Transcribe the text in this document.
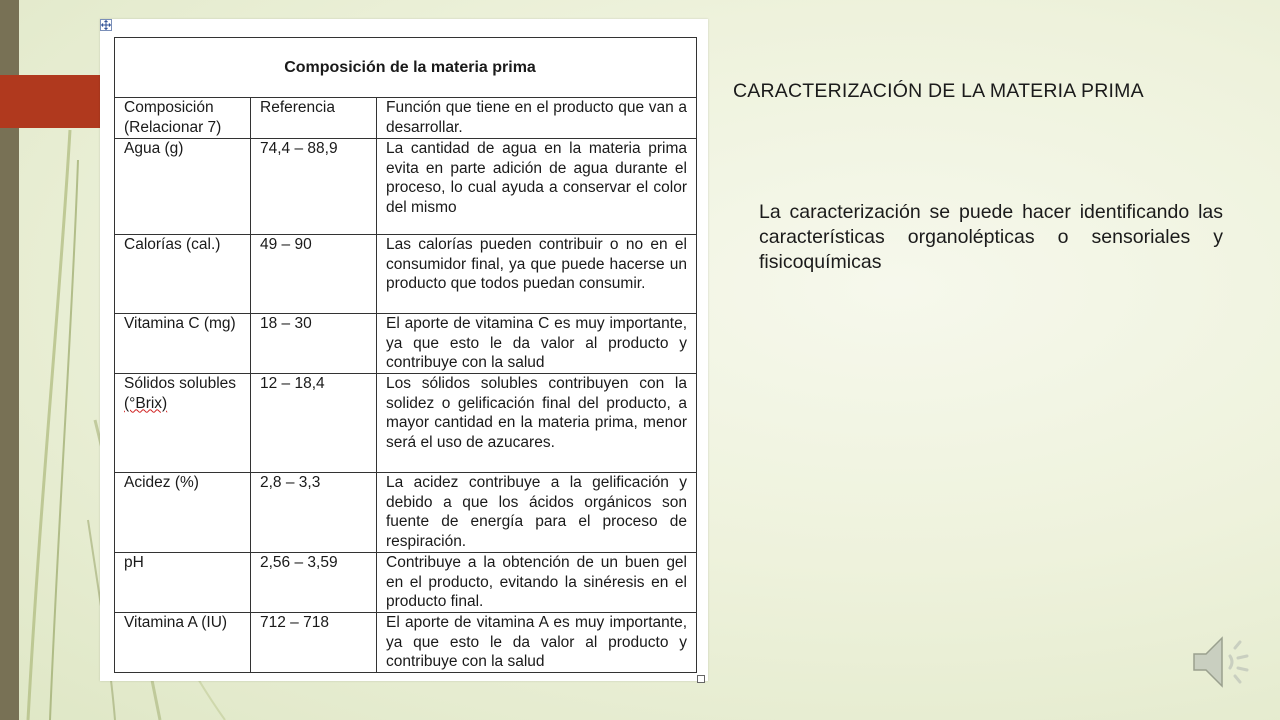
Composición de la materia prima		

Composición
(Relacionar 7)	Referencia	Función que tiene en el producto que van a desarrollar.
Agua (g)	74,4 – 88,9	La cantidad de agua en la materia prima evita en parte adición de agua durante el proceso, lo cual ayuda a conservar el color del mismo
Calorías (cal.)	49 – 90	Las calorías pueden contribuir o no en el consumidor final, ya que puede hacerse un producto que todos puedan consumir.
Vitamina C (mg)	18 – 30	El aporte de vitamina C es muy importante, ya que esto le da valor al producto y contribuye con la salud

Sólidos solubles
(°Brix)	12 – 18,4	Los sólidos solubles contribuyen con la solidez o gelificación final del producto, a mayor cantidad en la materia prima, menor será el uso de azucares.
Acidez (%)	2,8 – 3,3	La acidez contribuye a la gelificación y debido a que los ácidos orgánicos son fuente de energía para el proceso de respiración.
pH	2,56 – 3,59	Contribuye a la obtención de un buen gel en el producto, evitando la sinéresis en el producto final.
Vitamina A (IU)	712 – 718	El aporte de vitamina A es muy importante, ya que esto le da valor al producto y contribuye con la salud
CARACTERIZACIÓN DE LA MATERIA PRIMA
La caracterización se puede hacer identificando las características organolépticas o sensoriales y fisicoquímicas
